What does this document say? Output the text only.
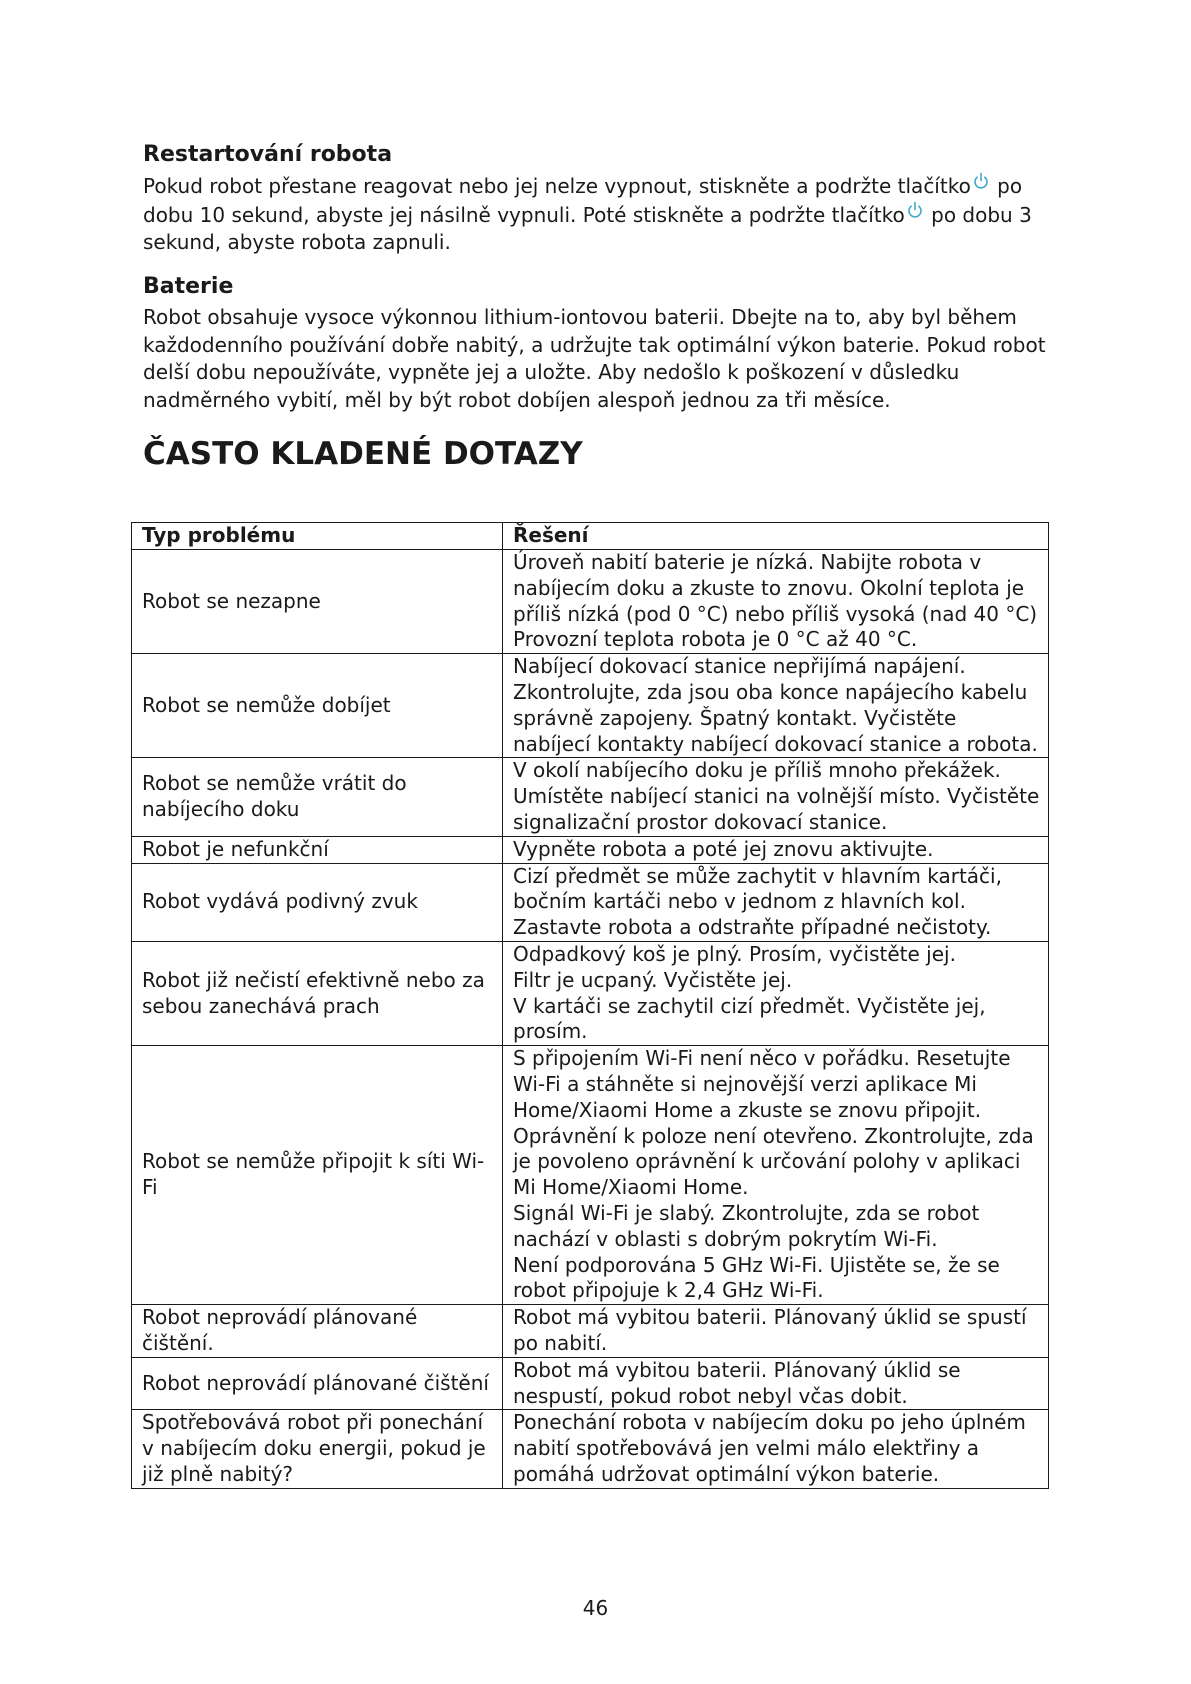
Restartování robota

Pokud robot přestane reagovat nebo jej nelze vypnout, stiskněte a podržte tlačítko
po dobu 10 sekund, abyste jej násilně vypnuli. Poté stiskněte a podržte tlačítko
po dobu 3 sekund, abyste robota zapnuli.

Baterie

Robot obsahuje vysoce výkonnou lithium-iontovou baterii. Dbejte na to, aby byl během každodenního používání dobře nabitý, a udržujte tak optimální výkon baterie. Pokud robot delší dobu nepoužíváte, vypněte jej a uložte. Aby nedošlo k poškození v důsledku nadměrného vybití, měl by být robot dobíjen alespoň jednou za tři měsíce.

ČASTO KLADENÉ DOTAZY
Typ problému	Řešení
Robot se nezapne	Úroveň nabití baterie je nízká. Nabijte robota v nabíjecím doku a zkuste to znovu. Okolní teplota je příliš nízká (pod 0 °C) nebo příliš vysoká (nad 40 °C) Provozní teplota robota je 0 °C až 40 °C.

Robot se nemůže dobíjet	Nabíjecí dokovací stanice nepřijímá napájení. Zkontrolujte, zda jsou oba konce napájecího kabelu správně zapojeny. Špatný kontakt. Vyčistěte nabíjecí kontakty nabíjecí dokovací stanice a robota.

Robot se nemůže vrátit do nabíjecího doku	V okolí nabíjecího doku je příliš mnoho překážek. Umístěte nabíjecí stanici na volnější místo. Vyčistěte signalizační prostor dokovací stanice.

Robot je nefunkční	Vypněte robota a poté jej znovu aktivujte.

Robot vydává podivný zvuk	Cizí předmět se může zachytit v hlavním kartáči, bočním kartáči nebo v jednom z hlavních kol. Zastavte robota a odstraňte případné nečistoty.

Robot již nečistí efektivně nebo za sebou zanechává prach	Odpadkový koš je plný. Prosím, vyčistěte jej.
Filtr je ucpaný. Vyčistěte jej.
V kartáči se zachytil cizí předmět. Vyčistěte jej, prosím.

Robot se nemůže připojit k síti Wi-Fi	S připojením Wi-Fi není něco v pořádku. Resetujte Wi-Fi a stáhněte si nejnovější verzi aplikace Mi Home/Xiaomi Home a zkuste se znovu připojit.
Oprávnění k poloze není otevřeno. Zkontrolujte, zda je povoleno oprávnění k určování polohy v aplikaci Mi Home/Xiaomi Home.
Signál Wi-Fi je slabý. Zkontrolujte, zda se robot nachází v oblasti s dobrým pokrytím Wi-Fi.
Není podporována 5 GHz Wi-Fi. Ujistěte se, že se robot připojuje k 2,4 GHz Wi-Fi.

Robot neprovádí plánované čištění.	Robot má vybitou baterii. Plánovaný úklid se spustí po nabití.

Robot neprovádí plánované čištění	Robot má vybitou baterii. Plánovaný úklid se nespustí, pokud robot nebyl včas dobit.

Spotřebovává robot při ponechání v nabíjecím doku energii, pokud je již plně nabitý?	Ponechání robota v nabíjecím doku po jeho úplném nabití spotřebovává jen velmi málo elektřiny a pomáhá udržovat optimální výkon baterie.
46
